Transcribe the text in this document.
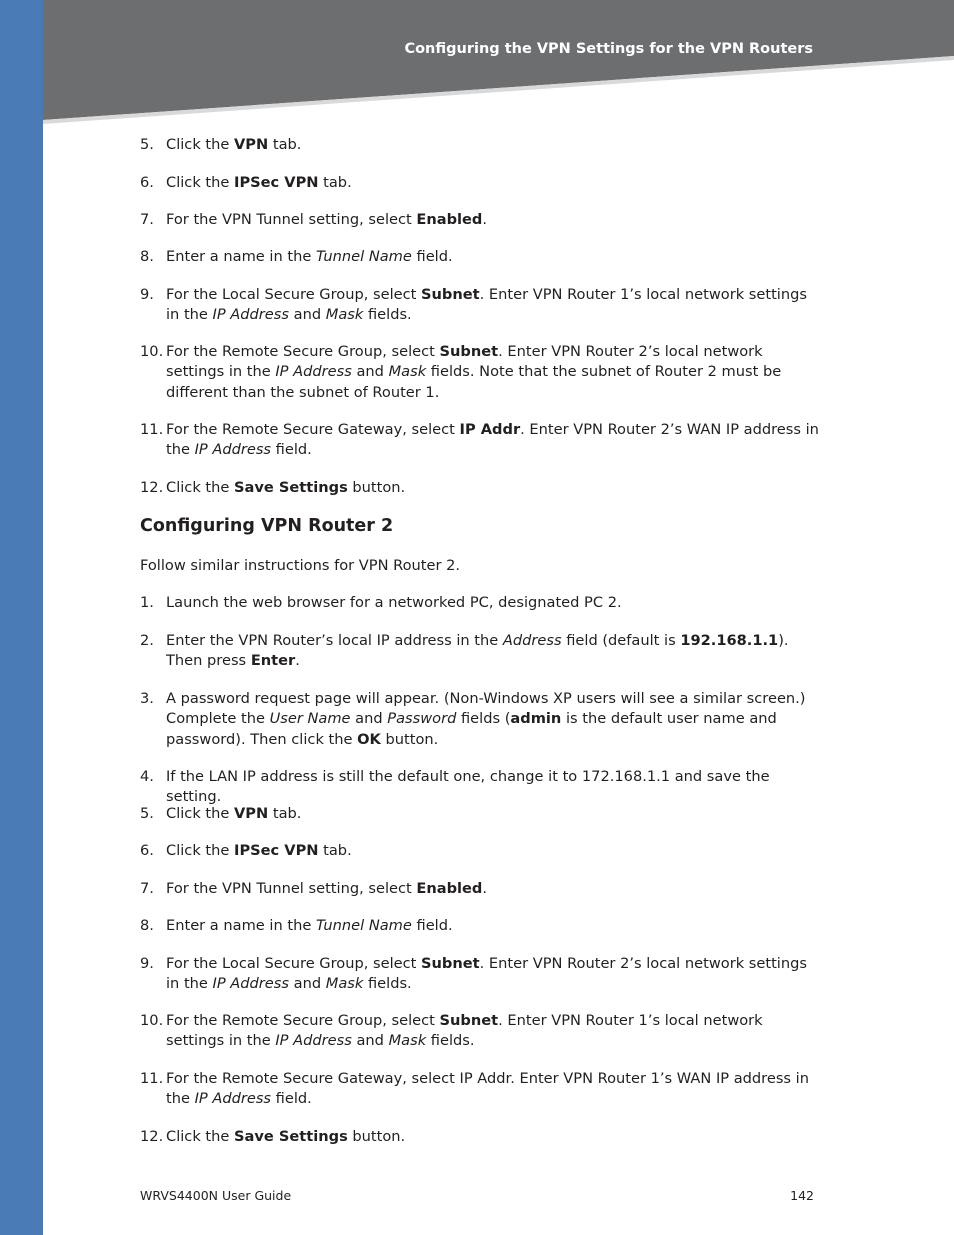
Configuring the VPN Settings for the VPN Routers
5. Click the VPN tab.
6. Click the IPSec VPN tab.
7. For the VPN Tunnel setting, select Enabled.
8. Enter a name in the Tunnel Name field.
9. For the Local Secure Group, select Subnet. Enter VPN Router 1’s local network settings in the IP Address and Mask fields.
10. For the Remote Secure Group, select Subnet. Enter VPN Router 2’s local network settings in the IP Address and Mask fields. Note that the subnet of Router 2 must be different than the subnet of Router 1.
11. For the Remote Secure Gateway, select IP Addr. Enter VPN Router 2’s WAN IP address in the IP Address field.
12. Click the Save Settings button.
Configuring VPN Router 2
Follow similar instructions for VPN Router 2.
1. Launch the web browser for a networked PC, designated PC 2.
2. Enter the VPN Router’s local IP address in the Address field (default is 192.168.1.1). Then press Enter.
3. A password request page will appear. (Non-Windows XP users will see a similar screen.) Complete the User Name and Password fields (admin is the default user name and password). Then click the OK button.
4. If the LAN IP address is still the default one, change it to 172.168.1.1 and save the setting.
5. Click the VPN tab.
6. Click the IPSec VPN tab.
7. For the VPN Tunnel setting, select Enabled.
8. Enter a name in the Tunnel Name field.
9. For the Local Secure Group, select Subnet. Enter VPN Router 2’s local network settings in the IP Address and Mask fields.
10. For the Remote Secure Group, select Subnet. Enter VPN Router 1’s local network settings in the IP Address and Mask fields.
11. For the Remote Secure Gateway, select IP Addr. Enter VPN Router 1’s WAN IP address in the IP Address field.
12. Click the Save Settings button.
WRVS4400N User Guide	142
